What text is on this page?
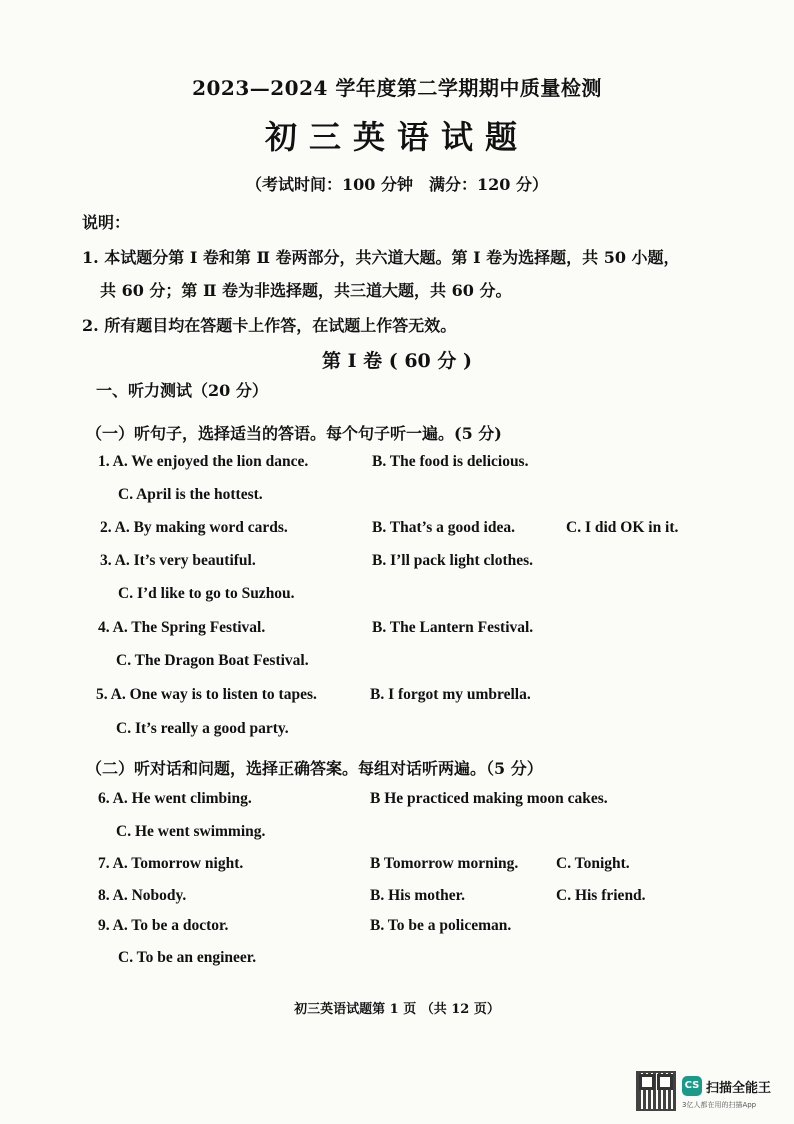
2023—2024 学年度第二学期期中质量检测
初三英语试题
（考试时间：100 分钟　满分：120 分）
说明：
1. 本试题分第 Ⅰ 卷和第 Ⅱ 卷两部分，共六道大题。第 Ⅰ 卷为选择题，共 50 小题，
共 60 分；第 Ⅱ 卷为非选择题，共三道大题，共 60 分。
2. 所有题目均在答题卡上作答，在试题上作答无效。
第 I 卷 ( 60 分 )
一、听力测试（20 分）
（一）听句子，选择适当的答语。每个句子听一遍。(5 分)
1. A. We enjoyed the lion dance.	B. The food is delicious.
C. April is the hottest.
2. A. By making word cards.	B. That’s a good idea.	C. I did OK in it.
3. A. It’s very beautiful.	B. I’ll pack light clothes.
C. I’d like to go to Suzhou.
4. A. The Spring Festival.	B. The Lantern Festival.
C. The Dragon Boat Festival.
5. A. One way is to listen to tapes.	B. I forgot my umbrella.
C. It’s really a good party.
（二）听对话和问题，选择正确答案。每组对话听两遍。（5 分）
6. A. He went climbing.	B He practiced making moon cakes.
C. He went swimming.
7. A. Tomorrow night.	B Tomorrow morning. C. Tonight.
8. A. Nobody.	B. His mother.	C. His friend.
9. A. To be a doctor.	B. To be a policeman.
C. To be an engineer.
初三英语试题第 1 页 （共 12 页）
CS 扫描全能王
3亿人都在用的扫描App
